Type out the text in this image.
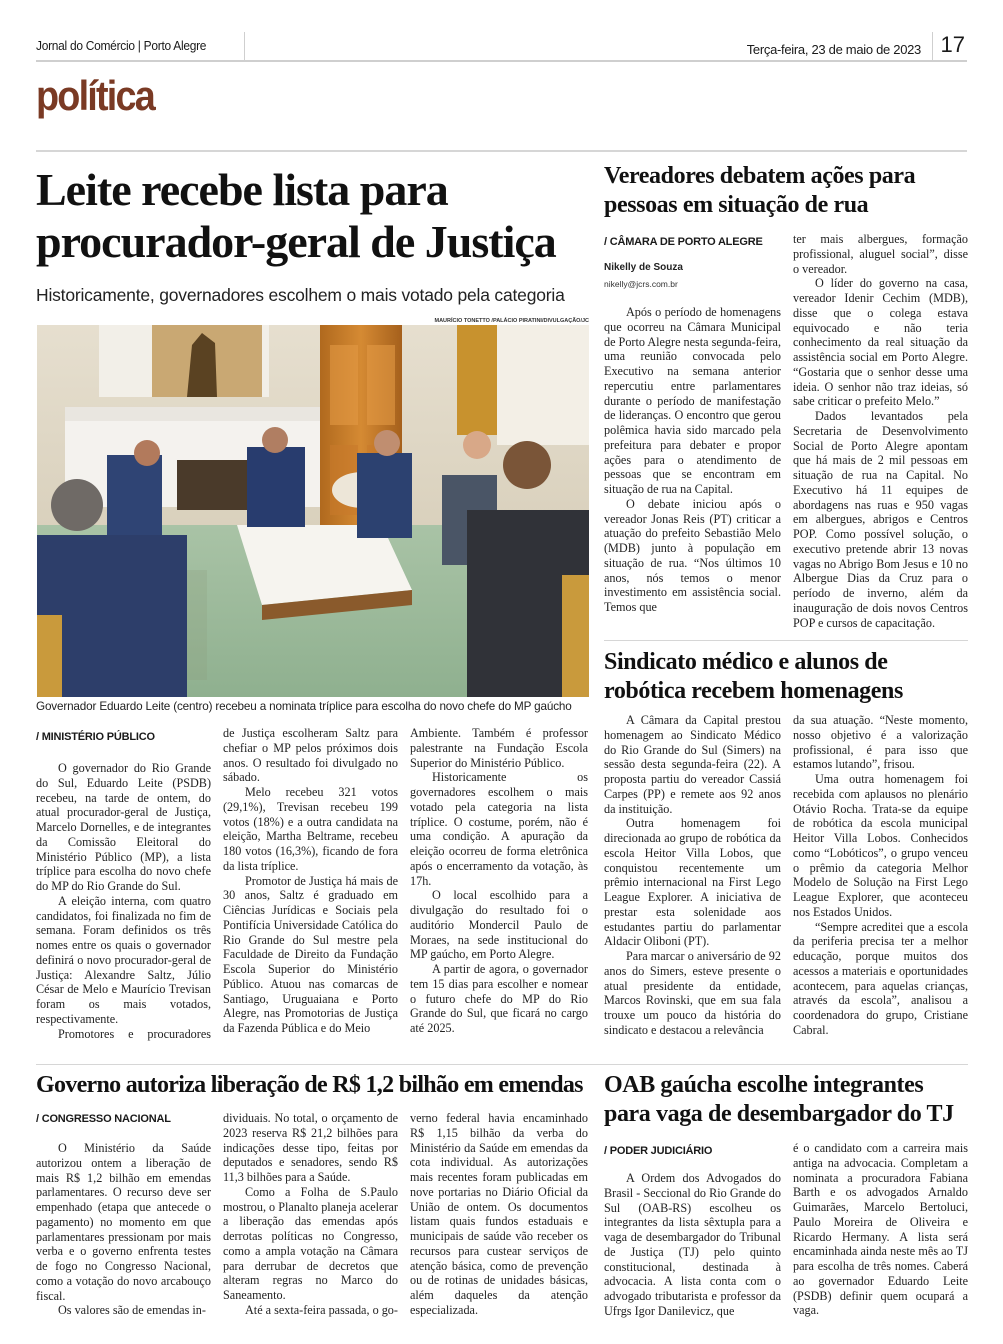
Jornal do Comércio | Porto Alegre	Terça-feira, 23 de maio de 2023 17
política
Leite recebe lista para procurador-geral de Justiça
Historicamente, governadores escolhem o mais votado pela categoria
MAURÍCIO TONETTO /PALÁCIO PIRATINI/DIVULGAÇÃO/JC
Governador Eduardo Leite (centro) recebeu a nominata tríplice para escolha do novo chefe do MP gaúcho
/ MINISTÉRIO PÚBLICO

O governador do Rio Grande do Sul, Eduardo Leite (PSDB) recebeu, na tarde de ontem, do atual procurador-geral de Justiça, Marcelo Dornelles, e de integrantes da Comissão Eleitoral do Ministério Público (MP), a lista tríplice para escolha do novo chefe do MP do Rio Grande do Sul.

A eleição interna, com quatro candidatos, foi finalizada no fim de semana. Foram definidos os três nomes entre os quais o governador definirá o novo procurador-geral de Justiça: Alexandre Saltz, Júlio César de Melo e Maurício Trevisan foram os mais votados, respectivamente.

Promotores e procuradores

de Justiça escolheram Saltz para chefiar o MP pelos próximos dois anos. O resultado foi divulgado no sábado.

Melo recebeu 321 votos (29,1%), Trevisan recebeu 199 votos (18%) e a outra candidata na eleição, Martha Beltrame, recebeu 180 votos (16,3%), ficando de fora da lista tríplice.

Promotor de Justiça há mais de 30 anos, Saltz é graduado em Ciências Jurídicas e Sociais pela Pontifícia Universidade Católica do Rio Grande do Sul mestre pela Faculdade de Direito da Fundação Escola Superior do Ministério Público. Atuou nas comarcas de Santiago, Uruguaiana e Porto Alegre, nas Promotorias de Justiça da Fazenda Pública e do Meio

Ambiente. Também é professor palestrante na Fundação Escola Superior do Ministério Público.

Historicamente os governadores escolhem o mais votado pela categoria na lista tríplice. O costume, porém, não é uma condição. A apuração da eleição ocorreu de forma eletrônica após o encerramento da votação, às 17h.

O local escolhido para a divulgação do resultado foi o auditório Mondercil Paulo de Moraes, na sede institucional do MP gaúcho, em Porto Alegre.

A partir de agora, o governador tem 15 dias para escolher e nomear o futuro chefe do MP do Rio Grande do Sul, que ficará no cargo até 2025.

Vereadores debatem ações para pessoas em situação de rua
/ CÂMARA DE PORTO ALEGRE
Nikelly de Souza
nikelly@jcrs.com.br

Após o período de homenagens que ocorreu na Câmara Municipal de Porto Alegre nesta segunda-feira, uma reunião convocada pelo Executivo na semana anterior repercutiu entre parlamentares durante o período de manifestação de lideranças. O encontro que gerou polêmica havia sido marcado pela prefeitura para debater e propor ações para o atendimento de pessoas que se encontram em situação de rua na Capital.

O debate iniciou após o vereador Jonas Reis (PT) criticar a atuação do prefeito Sebastião Melo (MDB) junto à população em situação de rua. “Nos últimos 10 anos, nós temos o menor investimento em assistência social. Temos que

ter mais albergues, formação profissional, aluguel social”, disse o vereador.

O líder do governo na casa, vereador Idenir Cechim (MDB), disse que o colega estava equivocado e não teria conhecimento da real situação da assistência social em Porto Alegre. “Gostaria que o senhor desse uma ideia. O senhor não traz ideias, só sabe criticar o prefeito Melo.”

Dados levantados pela Secretaria de Desenvolvimento Social de Porto Alegre apontam que há mais de 2 mil pessoas em situação de rua na Capital. No Executivo há 11 equipes de abordagens nas ruas e 950 vagas em albergues, abrigos e Centros POP. Como possível solução, o executivo pretende abrir 13 novas vagas no Abrigo Bom Jesus e 10 no Albergue Dias da Cruz para o período de inverno, além da inauguração de dois novos Centros POP e cursos de capacitação.

Sindicato médico e alunos de robótica recebem homenagens

A Câmara da Capital prestou homenagem ao Sindicato Médico do Rio Grande do Sul (Simers) na sessão desta segunda-feira (22). A proposta partiu do vereador Cassiá Carpes (PP) e remete aos 92 anos da instituição.

Outra homenagem foi direcionada ao grupo de robótica da escola Heitor Villa Lobos, que conquistou recentemente um prêmio internacional na First Lego League Explorer. A iniciativa de prestar esta solenidade aos estudantes partiu do parlamentar Aldacir Oliboni (PT).

Para marcar o aniversário de 92 anos do Simers, esteve presente o atual presidente da entidade, Marcos Rovinski, que em sua fala trouxe um pouco da história do sindicato e destacou a relevância

da sua atuação. “Neste momento, nosso objetivo é a valorização profissional, é para isso que estamos lutando”, frisou.

Uma outra homenagem foi recebida com aplausos no plenário Otávio Rocha. Trata-se da equipe de robótica da escola municipal Heitor Villa Lobos. Conhecidos como “Lobóticos”, o grupo venceu o prêmio da categoria Melhor Modelo de Solução na First Lego League Explorer, que aconteceu nos Estados Unidos.

“Sempre acreditei que a escola da periferia precisa ter a melhor educação, porque muitos dos acessos a materiais e oportunidades acontecem, para aquelas crianças, através da escola”, analisou a coordenadora do grupo, Cristiane Cabral.

Governo autoriza liberação de R$ 1,2 bilhão em emendas
/ CONGRESSO NACIONAL

O Ministério da Saúde autorizou ontem a liberação de mais R$ 1,2 bilhão em emendas parlamentares. O recurso deve ser empenhado (etapa que antecede o pagamento) no momento em que parlamentares pressionam por mais verba e o governo enfrenta testes de fogo no Congresso Nacional, como a votação do novo arcabouço fiscal.

Os valores são de emendas in-

dividuais. No total, o orçamento de 2023 reserva R$ 21,2 bilhões para indicações desse tipo, feitas por deputados e senadores, sendo R$ 11,3 bilhões para a Saúde.

Como a Folha de S.Paulo mostrou, o Planalto planeja acelerar a liberação das emendas após derrotas políticas no Congresso, como a ampla votação na Câmara para derrubar de decretos que alteram regras no Marco do Saneamento.

Até a sexta-feira passada, o go-

verno federal havia encaminhado R$ 1,15 bilhão da verba do Ministério da Saúde em emendas da cota individual. As autorizações mais recentes foram publicadas em nove portarias no Diário Oficial da União de ontem. Os documentos listam quais fundos estaduais e municipais de saúde vão receber os recursos para custear serviços de atenção básica, como de prevenção ou de rotinas de unidades básicas, além daqueles da atenção especializada.

OAB gaúcha escolhe integrantes para vaga de desembargador do TJ
/ PODER JUDICIÁRIO

A Ordem dos Advogados do Brasil - Seccional do Rio Grande do Sul (OAB-RS) escolheu os integrantes da lista sêxtupla para a vaga de desembargador do Tribunal de Justiça (TJ) pelo quinto constitucional, destinada à advocacia. A lista conta com o advogado tributarista e professor da Ufrgs Igor Danilevicz, que

é o candidato com a carreira mais antiga na advocacia. Completam a nominata a procuradora Fabiana Barth e os advogados Arnaldo Guimarães, Marcelo Bertoluci, Paulo Moreira de Oliveira e Ricardo Hermany. A lista será encaminhada ainda neste mês ao TJ para escolha de três nomes. Caberá ao governador Eduardo Leite (PSDB) definir quem ocupará a vaga.
